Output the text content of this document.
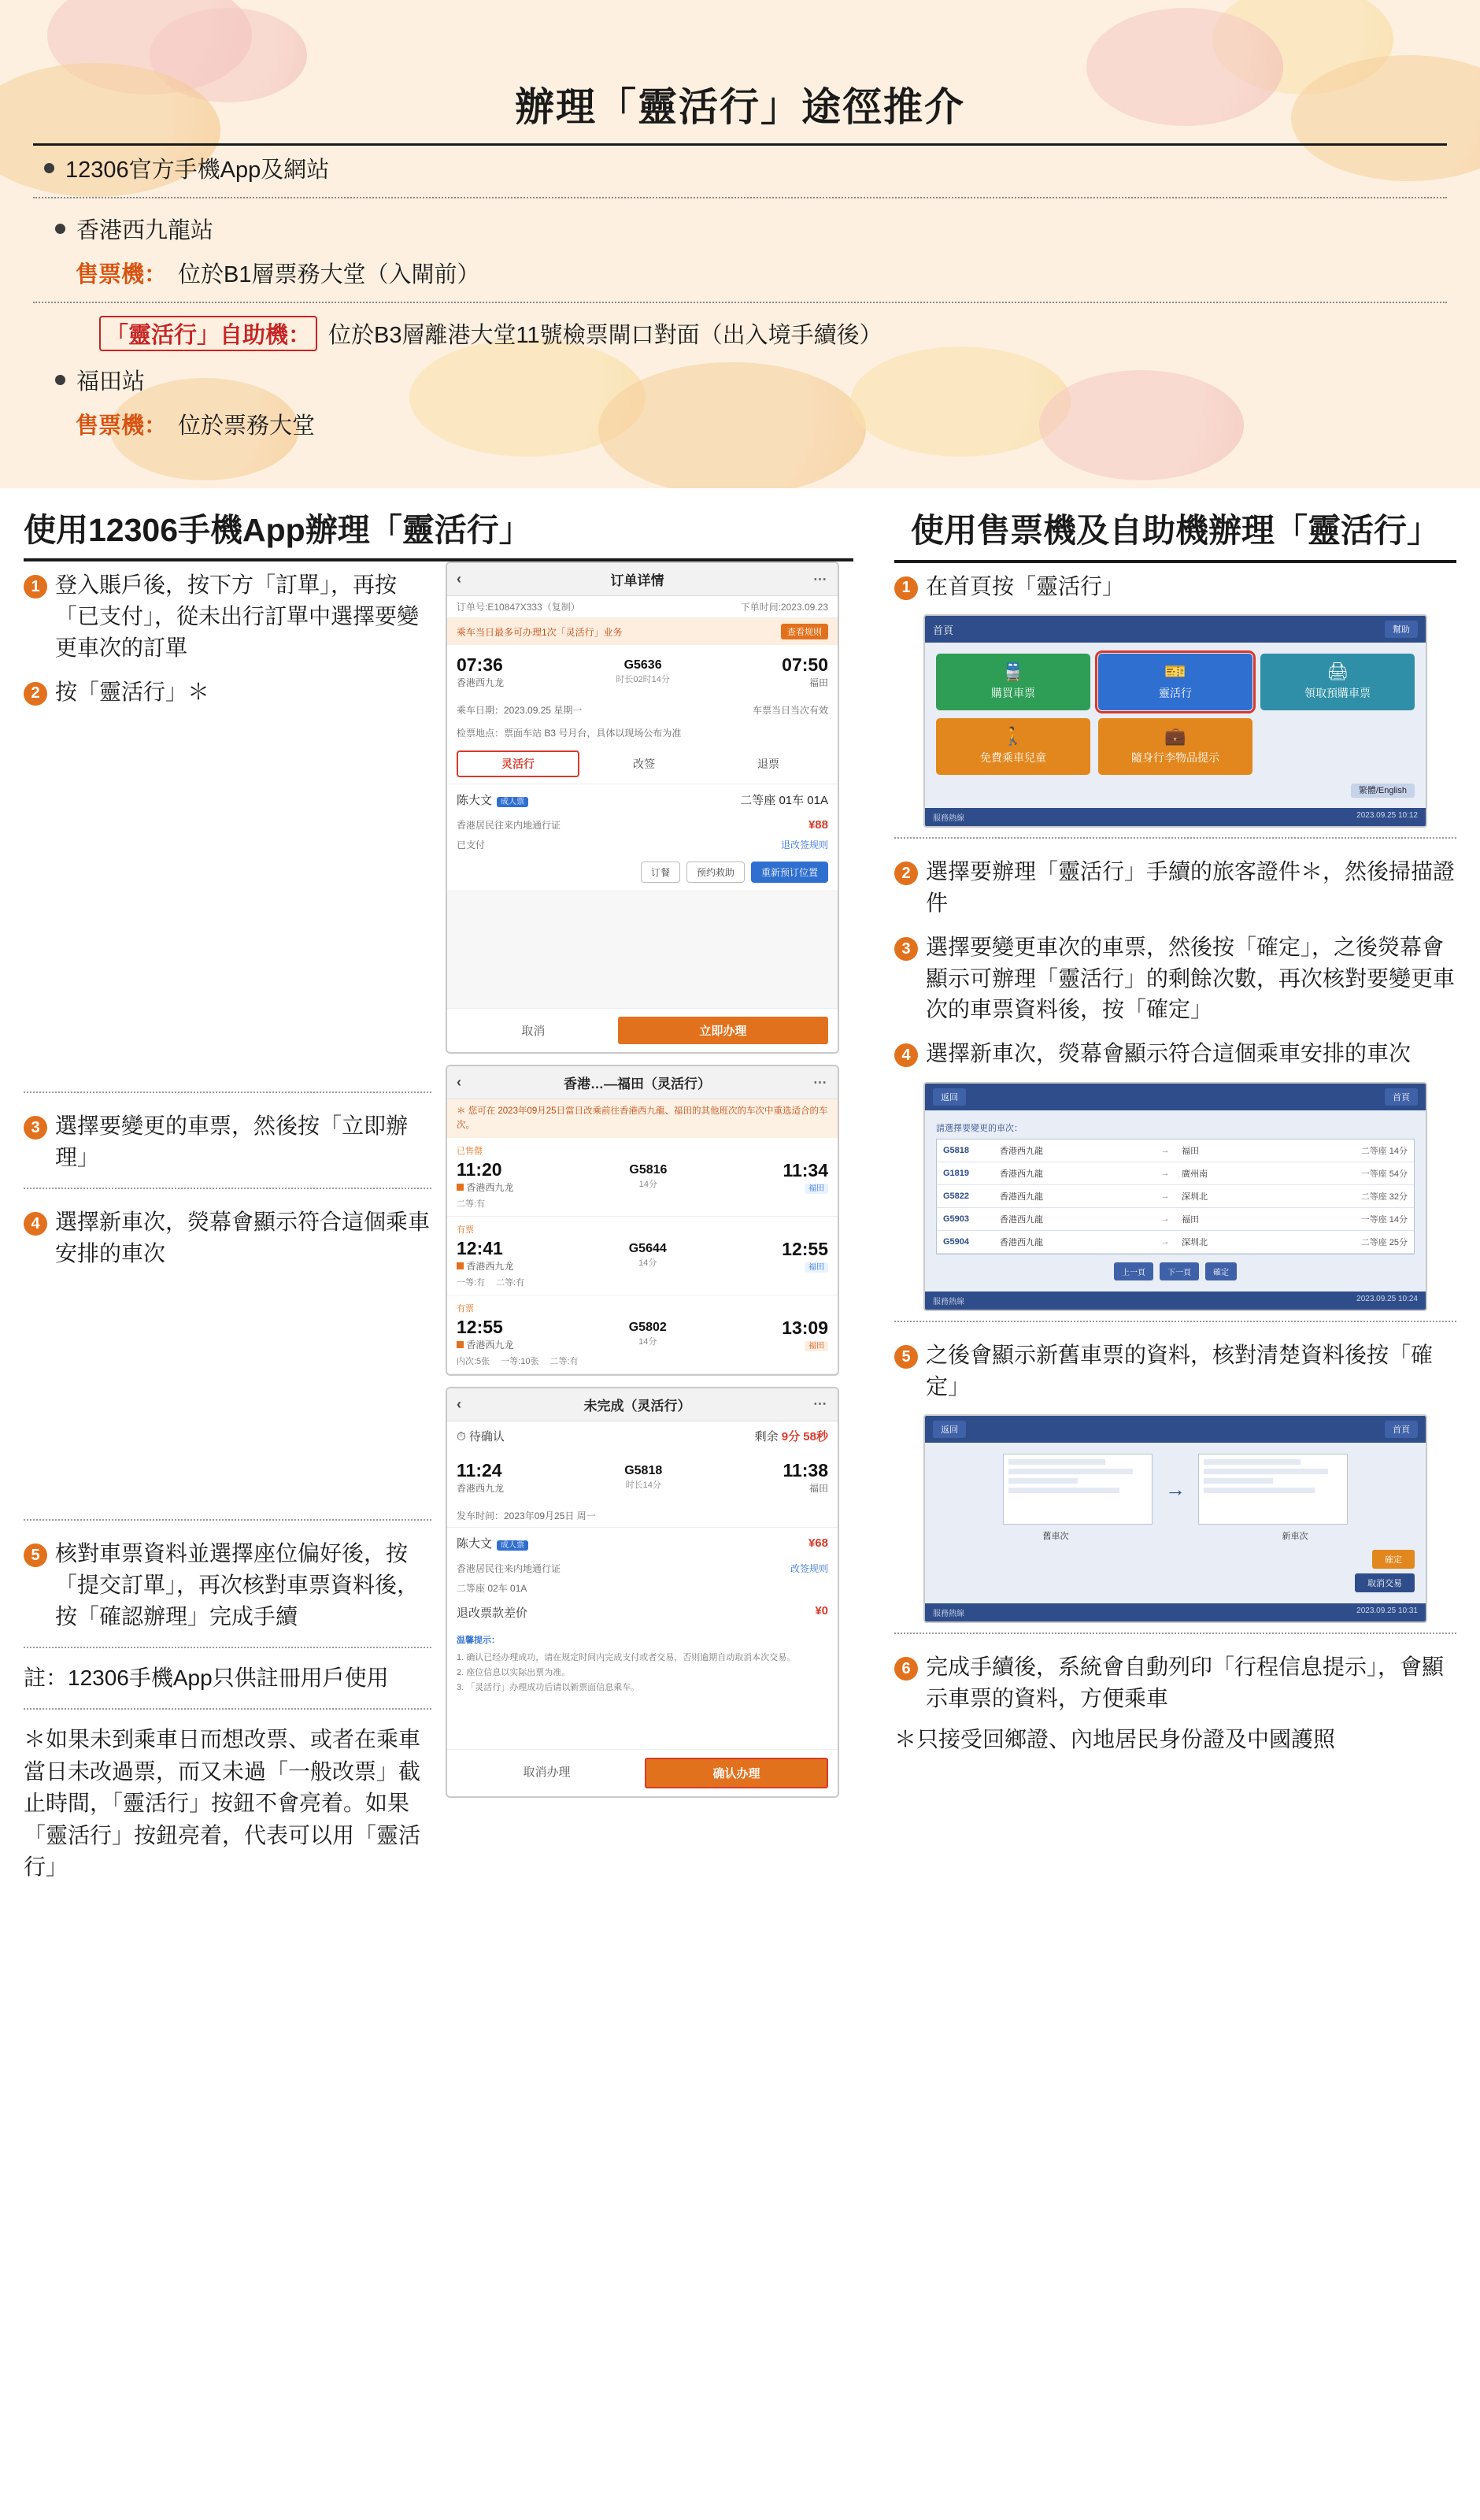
辦理「靈活行」途徑推介
12306官方手機App及網站
香港西九龍站
售票機： 位於B1層票務大堂（入閘前）
「靈活行」自助機： 位於B3層離港大堂11號檢票閘口對面（出入境手續後）
福田站
售票機： 位於票務大堂
使用12306手機App辦理「靈活行」
1 登入賬戶後，按下方「訂單」，再按「已支付」，從未出行訂單中選擇要變更車次的訂單
2 按「靈活行」＊
3 選擇要變更的車票，然後按「立即辦理」
4 選擇新車次，熒幕會顯示符合這個乘車安排的車次
5 核對車票資料並選擇座位偏好後，按「提交訂單」，再次核對車票資料後，按「確認辦理」完成手續
註：12306手機App只供註冊用戶使用
＊如果未到乘車日而想改票、或者在乘車當日未改過票，而又未過「一般改票」截止時間，「靈活行」按鈕不會亮着。如果「靈活行」按鈕亮着，代表可以用「靈活行」
‹	订单详情	⋯
订单号:E10847X333（复制）	下单时间:2023.09.23
乘车当日最多可办理1次「灵活行」业务	查看规则
07:36
香港西九龙
G5636
时长02时14分
07:50
福田
乘车日期：2023.09.25 星期一	车票当日当次有效
检票地点：票面车站 B3 号月台，具体以现场公布为准
灵活行	改签	退票
陈大文 成人票	二等座 01车 01A
香港居民往来内地通行证	¥88
已支付	退改签规则
订餐	预约救助	重新预订位置
取消	立即办理
‹	香港…—福田（灵活行）	⋯
＊ 您可在 2023年09月25日當日改乘前往香港西九龍、福田的其他班次的车次中重选适合的车次。
已售罄
11:20
香港西九龙
G5816
14分
11:34
福田
二等:有
有票
12:41
香港西九龙
G5644
14分
12:55
福田
一等:有 二等:有
有票
12:55
香港西九龙
G5802
14分
13:09
福田
内次:5张 一等:10张 二等:有
‹	未完成（灵活行）	⋯
⏱ 待确认	剩余 9分 58秒
11:24
香港西九龙
G5818
时长14分
11:38
福田
发车时间：2023年09月25日 周一
陈大文 成人票	¥68
香港居民往来内地通行证	改签规则
二等座 02车 01A
退改票款差价	¥0
温馨提示：
1. 确认已经办理成功，请在规定时间内完成支付或者交易，否则逾期自动取消本次交易。
2. 座位信息以实际出票为准。
3. 「灵活行」办理成功后请以新票面信息乘车。
取消办理	确认办理
使用售票機及自助機辦理「靈活行」
1 在首頁按「靈活行」
首頁	幫助
🚆
購買車票
🎫
靈活行
🖨
領取預購車票
🚶
免費乘車兒童
💼
隨身行李物品提示
繁體/English
服務熱線	2023.09.25 10:12
2 選擇要辦理「靈活行」手續的旅客證件＊，然後掃描證件
3 選擇要變更車次的車票，然後按「確定」，之後熒幕會顯示可辦理「靈活行」的剩餘次數，再次核對要變更車次的車票資料後，按「確定」
4 選擇新車次，熒幕會顯示符合這個乘車安排的車次
返回	首頁
請選擇要變更的車次：
G5818	香港西九龍	→	福田	二等座 14分
G1819	香港西九龍	→	廣州南	一等座 54分
G5822	香港西九龍	→	深圳北	二等座 32分
G5903	香港西九龍	→	福田	一等座 14分
G5904	香港西九龍	→	深圳北	二等座 25分
上一頁	下一頁	確定
服務熱線	2023.09.25 10:24
5 之後會顯示新舊車票的資料，核對清楚資料後按「確定」
返回	首頁
→
舊車次	新車次
確定
取消交易
服務熱線	2023.09.25 10:31
6 完成手續後，系統會自動列印「行程信息提示」，會顯示車票的資料，方便乘車
＊只接受回鄉證、內地居民身份證及中國護照
